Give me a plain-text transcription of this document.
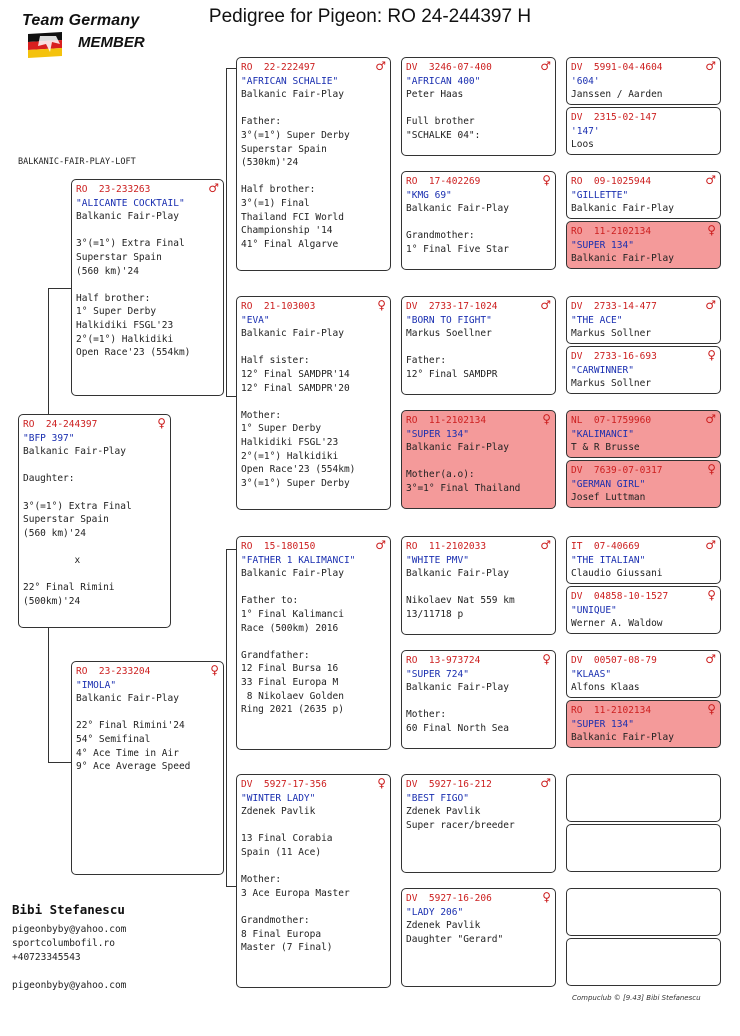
Pedigree for Pigeon: RO 24-244397 H
Team Germany
MEMBER
BALKANIC-FAIR-PLAY-LOFT
RO  24-244397	♀
"BFP 397"
Balkanic Fair-Play

Daughter:

3°(=1°) Extra Final
Superstar Spain
(560 km)'24

x

22° Final Rimini
(500km)'24
RO  23-233263	♂
"ALICANTE COCKTAIL"
Balkanic Fair-Play

3°(=1°) Extra Final
Superstar Spain
(560 km)'24

Half brother:
1° Super Derby
Halkidiki FSGL'23
2°(=1°) Halkidiki
Open Race'23 (554km)
RO  23-233204	♀
"IMOLA"
Balkanic Fair-Play

22° Final Rimini'24
54° Semifinal
4° Ace Time in Air
9° Ace Average Speed
RO  22-222497	♂
"AFRICAN SCHALIE"
Balkanic Fair-Play

Father:
3°(=1°) Super Derby
Superstar Spain
(530km)'24

Half brother:
3°(=1) Final
Thailand FCI World
Championship '14
41° Final Algarve
RO  21-103003	♀
"EVA"
Balkanic Fair-Play

Half sister:
12° Final SAMDPR'14
12° Final SAMDPR'20

Mother:
1° Super Derby
Halkidiki FSGL'23
2°(=1°) Halkidiki
Open Race'23 (554km)
3°(=1°) Super Derby
RO  15-180150	♂
"FATHER 1 KALIMANCI"
Balkanic Fair-Play

Father to:
1° Final Kalimanci
Race (500km) 2016

Grandfather:
12 Final Bursa 16
33 Final Europa M
8 Nikolaev Golden
Ring 2021 (2635 p)
DV  5927-17-356	♀
"WINTER LADY"
Zdenek Pavlik

13 Final Corabia
Spain (11 Ace)

Mother:
3 Ace Europa Master

Grandmother:
8 Final Europa
Master (7 Final)
DV  3246-07-400	♂
"AFRICAN 400"
Peter Haas

Full brother
"SCHALKE 04":
RO  17-402269	♀
"KMG 69"
Balkanic Fair-Play

Grandmother:
1° Final Five Star
DV  2733-17-1024	♂
"BORN TO FIGHT"
Markus Soellner

Father:
12° Final SAMDPR
RO  11-2102134	♀
"SUPER 134"
Balkanic Fair-Play

Mother(a.o):
3°=1° Final Thailand
RO  11-2102033	♂
"WHITE PMV"
Balkanic Fair-Play

Nikolaev Nat 559 km
13/11718 p
RO  13-973724	♀
"SUPER 724"
Balkanic Fair-Play

Mother:
60 Final North Sea
DV  5927-16-212	♂
"BEST FIGO"
Zdenek Pavlik
Super racer/breeder
DV  5927-16-206	♀
"LADY 206"
Zdenek Pavlik
Daughter "Gerard"
DV  5991-04-4604	♂
'604'
Janssen / Aarden
DV  2315-02-147
'147'
Loos
RO  09-1025944	♂
"GILLETTE"
Balkanic Fair-Play
RO  11-2102134	♀
"SUPER 134"
Balkanic Fair-Play
DV  2733-14-477	♂
"THE ACE"
Markus Sollner
DV  2733-16-693	♀
"CARWINNER"
Markus Sollner
NL  07-1759960	♂
"KALIMANCI"
T & R Brusse
DV  7639-07-0317	♀
"GERMAN GIRL"
Josef Luttman
IT  07-40669	♂
"THE ITALIAN"
Claudio Giussani
DV  04858-10-1527	♀
"UNIQUE"
Werner A. Waldow
DV  00507-08-79	♂
"KLAAS"
Alfons Klaas
RO  11-2102134	♀
"SUPER 134"
Balkanic Fair-Play
Bibi Stefanescu
pigeonbyby@yahoo.com
sportcolumbofil.ro
+40723345543
pigeonbyby@yahoo.com
Compuclub © [9.43] Bibi Stefanescu
